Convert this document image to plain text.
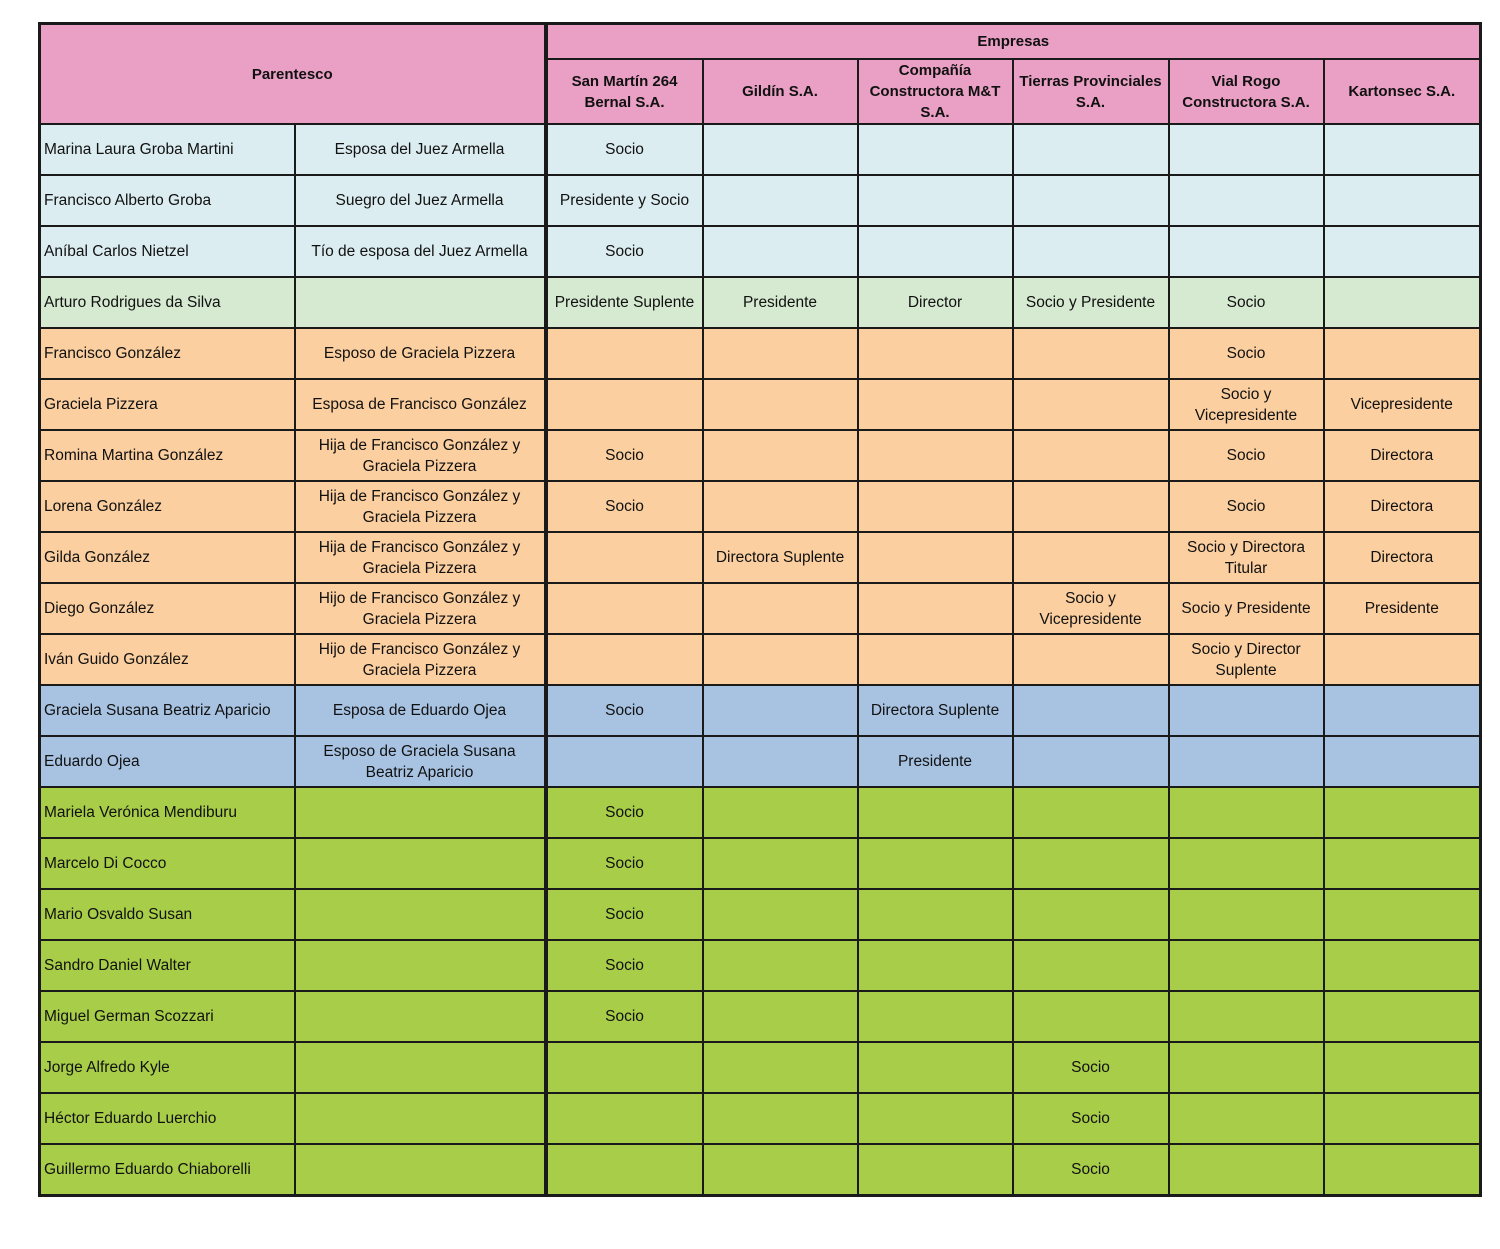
Parentesco		Empresas					
		San Martín 264 Bernal S.A.	Gildín S.A.	Compañía Constructora M&T S.A.	Tierras Provinciales S.A.	Vial Rogo Constructora S.A.	Kartonsec S.A.
Marina Laura Groba Martini	Esposa del Juez Armella	Socio					
Francisco Alberto Groba	Suegro del Juez Armella	Presidente y Socio					
Aníbal Carlos Nietzel	Tío de esposa del Juez Armella	Socio					
Arturo Rodrigues da Silva		Presidente Suplente	Presidente	Director	Socio y Presidente	Socio	
Francisco González	Esposo de Graciela Pizzera					Socio	
Graciela Pizzera	Esposa de Francisco González					Socio y Vicepresidente	Vicepresidente
Romina Martina González	Hija de Francisco González y Graciela Pizzera	Socio				Socio	Directora
Lorena González	Hija de Francisco González y Graciela Pizzera	Socio				Socio	Directora
Gilda González	Hija de Francisco González y Graciela Pizzera		Directora Suplente			Socio y Directora Titular	Directora
Diego González	Hijo de Francisco González y Graciela Pizzera				Socio y Vicepresidente	Socio y Presidente	Presidente
Iván Guido González	Hijo de Francisco González y Graciela Pizzera					Socio y Director Suplente	
Graciela Susana Beatriz Aparicio	Esposa de Eduardo Ojea	Socio		Directora Suplente			
Eduardo Ojea	Esposo de Graciela Susana Beatriz Aparicio			Presidente			
Mariela Verónica Mendiburu		Socio					
Marcelo Di Cocco		Socio					
Mario Osvaldo Susan		Socio					
Sandro Daniel Walter		Socio					
Miguel German Scozzari		Socio					
Jorge Alfredo Kyle					Socio		
Héctor Eduardo Luerchio					Socio		
Guillermo Eduardo Chiaborelli					Socio		
